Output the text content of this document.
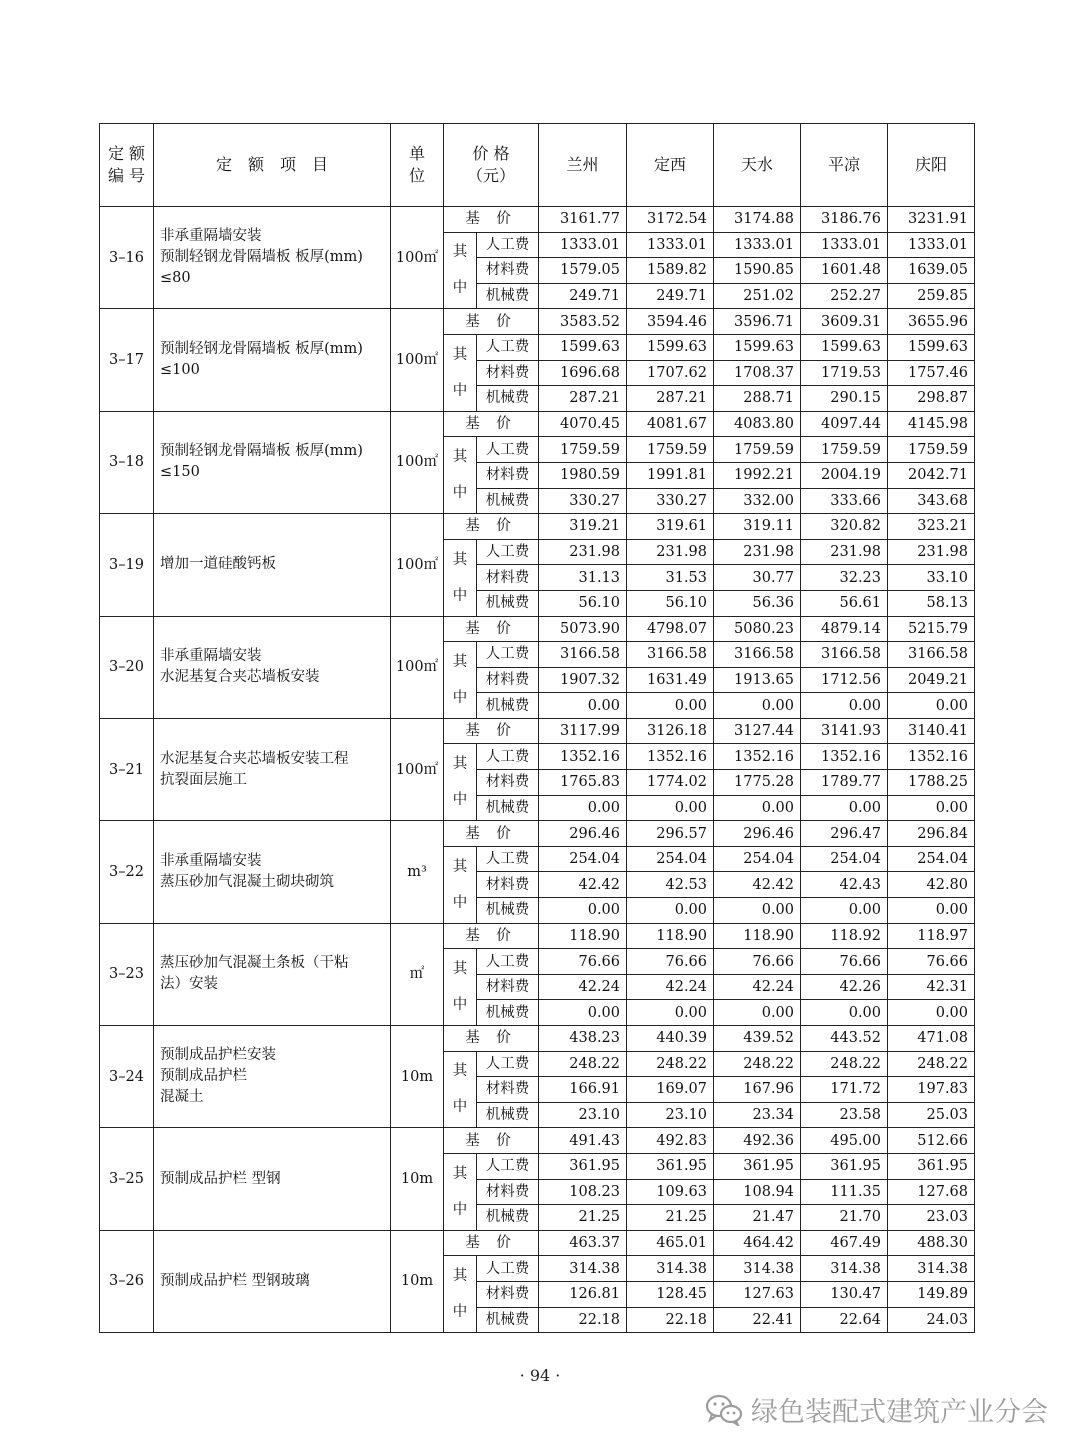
定 额
编 号	定　额　项　目	单
位	价 格
（元）		兰州	定西	天水	平凉	庆阳
3–16	非承重隔墙安装
预制轻钢龙骨隔墙板 板厚(mm)
≤80	100㎡	基 价		3161.77	3172.54	3174.88	3186.76	3231.91

			其
中	人工费	1333.01	1333.01	1333.01	1333.01	1333.01
				材料费	1579.05	1589.82	1590.85	1601.48	1639.05
				机械费	249.71	249.71	251.02	252.27	259.85
3–17	预制轻钢龙骨隔墙板 板厚(mm)
≤100	100㎡	基 价		3583.52	3594.46	3596.71	3609.31	3655.96

			其
中	人工费	1599.63	1599.63	1599.63	1599.63	1599.63
				材料费	1696.68	1707.62	1708.37	1719.53	1757.46
				机械费	287.21	287.21	288.71	290.15	298.87
3–18	预制轻钢龙骨隔墙板 板厚(mm)
≤150	100㎡	基 价		4070.45	4081.67	4083.80	4097.44	4145.98

			其
中	人工费	1759.59	1759.59	1759.59	1759.59	1759.59
				材料费	1980.59	1991.81	1992.21	2004.19	2042.71
				机械费	330.27	330.27	332.00	333.66	343.68
3–19	增加一道硅酸钙板	100㎡	基 价		319.21	319.61	319.11	320.82	323.21

			其
中	人工费	231.98	231.98	231.98	231.98	231.98
				材料费	31.13	31.53	30.77	32.23	33.10
				机械费	56.10	56.10	56.36	56.61	58.13
3–20	非承重隔墙安装
水泥基复合夹芯墙板安装	100㎡	基 价		5073.90	4798.07	5080.23	4879.14	5215.79

			其
中	人工费	3166.58	3166.58	3166.58	3166.58	3166.58
				材料费	1907.32	1631.49	1913.65	1712.56	2049.21
				机械费	0.00	0.00	0.00	0.00	0.00
3–21	水泥基复合夹芯墙板安装工程
抗裂面层施工	100㎡	基 价		3117.99	3126.18	3127.44	3141.93	3140.41

			其
中	人工费	1352.16	1352.16	1352.16	1352.16	1352.16
				材料费	1765.83	1774.02	1775.28	1789.77	1788.25
				机械费	0.00	0.00	0.00	0.00	0.00
3–22	非承重隔墙安装
蒸压砂加气混凝土砌块砌筑	m³	基 价		296.46	296.57	296.46	296.47	296.84

			其
中	人工费	254.04	254.04	254.04	254.04	254.04
				材料费	42.42	42.53	42.42	42.43	42.80
				机械费	0.00	0.00	0.00	0.00	0.00
3–23	蒸压砂加气混凝土条板（干粘
法）安装	㎡	基 价		118.90	118.90	118.90	118.92	118.97

			其
中	人工费	76.66	76.66	76.66	76.66	76.66
				材料费	42.24	42.24	42.24	42.26	42.31
				机械费	0.00	0.00	0.00	0.00	0.00
3–24	预制成品护栏安装
预制成品护栏
混凝土	10m	基 价		438.23	440.39	439.52	443.52	471.08

			其
中	人工费	248.22	248.22	248.22	248.22	248.22
				材料费	166.91	169.07	167.96	171.72	197.83
				机械费	23.10	23.10	23.34	23.58	25.03
3–25	预制成品护栏 型钢	10m	基 价		491.43	492.83	492.36	495.00	512.66

			其
中	人工费	361.95	361.95	361.95	361.95	361.95
				材料费	108.23	109.63	108.94	111.35	127.68
				机械费	21.25	21.25	21.47	21.70	23.03
3–26	预制成品护栏 型钢玻璃	10m	基 价		463.37	465.01	464.42	467.49	488.30

			其
中	人工费	314.38	314.38	314.38	314.38	314.38
				材料费	126.81	128.45	127.63	130.47	149.89
				机械费	22.18	22.18	22.41	22.64	24.03
· 94 ·
绿色装配式建筑产业分会
